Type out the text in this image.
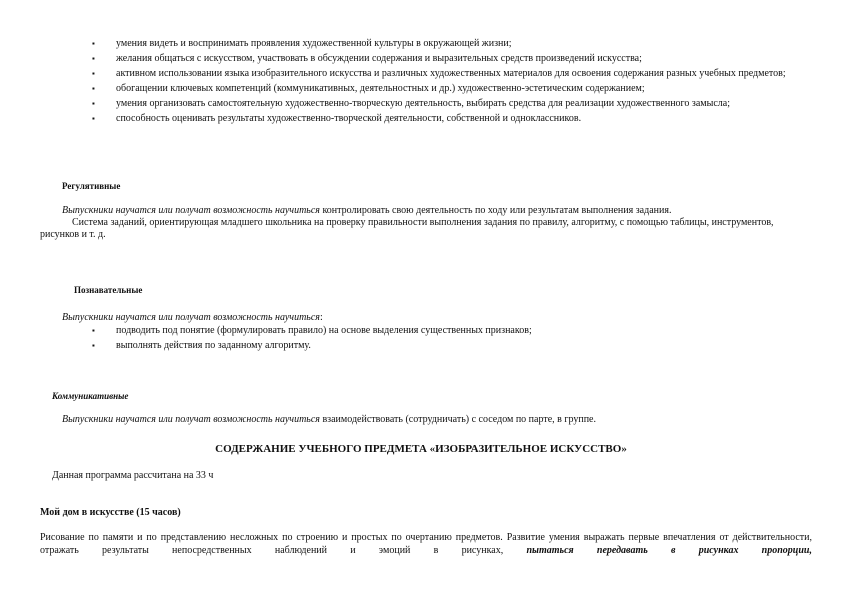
▪ умения видеть и воспринимать проявления художественной культуры в окружающей жизни;
▪ желания общаться с искусством, участвовать в обсуждении содержания и выразительных средств произведений искусства;
▪ активном использовании языка изобразительного искусства и различных художественных материалов для освоения содержания разных учебных предметов;
▪ обогащении ключевых компетенций (коммуникативных, деятельностных и др.) художественно-эстетическим содержанием;
▪ умения организовать самостоятельную художественно-творческую деятельность, выбирать средства для реализации художественного замысла;
▪ способность оценивать результаты художественно-творческой деятельности, собственной и одноклассников.
Регулятивные

Выпускники научатся или получат возможность научиться контролировать свою деятельность по ходу или результатам выполнения задания.

Система заданий, ориентирующая младшего школьника на проверку правильности выполнения задания по правилу, алгоритму, с помощью таблицы, инструментов, рисунков и т. д.

Познавательные
Выпускники научатся или получат возможность научиться:
▪ подводить под понятие (формулировать правило) на основе выделения существенных признаков;
▪ выполнять действия по заданному алгоритму.
Коммуникативные
Выпускники научатся или получат возможность научиться взаимодействовать (сотрудничать) с соседом по парте, в группе.
СОДЕРЖАНИЕ УЧЕБНОГО ПРЕДМЕТА «ИЗОБРАЗИТЕЛЬНОЕ ИСКУССТВО»
Данная программа рассчитана на 33 ч
Мой дом в искусстве (15 часов)
Рисование по памяти и по представлению несложных по строению и простых по очертанию предметов. Развитие умения выражать первые впечатления от действительности, отражать результаты непосредственных наблюдений и эмоций в рисунках, пытаться передавать в рисунках пропорции,
